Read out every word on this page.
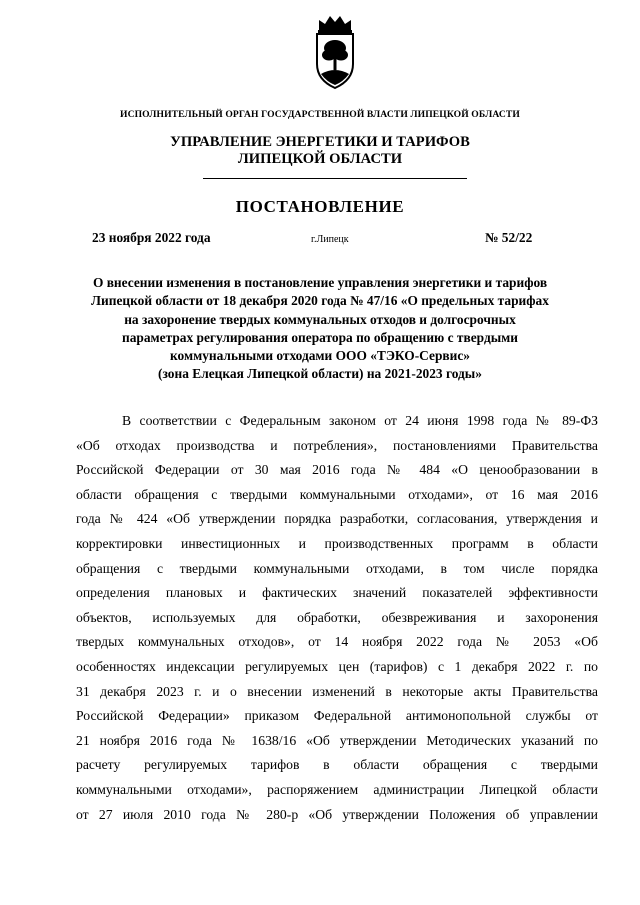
ИСПОЛНИТЕЛЬНЫЙ ОРГАН ГОСУДАРСТВЕННОЙ ВЛАСТИ ЛИПЕЦКОЙ ОБЛАСТИ
УПРАВЛЕНИЕ ЭНЕРГЕТИКИ И ТАРИФОВ
ЛИПЕЦКОЙ ОБЛАСТИ
ПОСТАНОВЛЕНИЕ
23 ноября 2022 года	г.Липецк	№ 52/22
О внесении изменения в постановление управления энергетики и тарифов
Липецкой области от 18 декабря 2020 года № 47/16 «О предельных тарифах
на захоронение твердых коммунальных отходов и долгосрочных
параметрах регулирования оператора по обращению с твердыми
коммунальными отходами ООО «ТЭКО-Сервис»
(зона Елецкая Липецкой области) на 2021-2023 годы»
В соответствии с Федеральным законом от 24 июня 1998 года № 89-ФЗ
«Об отходах производства и потребления», постановлениями Правительства
Российской Федерации от 30 мая 2016 года № 484 «О ценообразовании в
области обращения с твердыми коммунальными отходами», от 16 мая 2016
года № 424 «Об утверждении порядка разработки, согласования, утверждения и
корректировки инвестиционных и производственных программ в области
обращения с твердыми коммунальными отходами, в том числе порядка
определения плановых и фактических значений показателей эффективности
объектов, используемых для обработки, обезвреживания и захоронения
твердых коммунальных отходов», от 14 ноября 2022 года № 2053 «Об
особенностях индексации регулируемых цен (тарифов) с 1 декабря 2022 г. по
31 декабря 2023 г. и о внесении изменений в некоторые акты Правительства
Российской Федерации» приказом Федеральной антимонопольной службы от
21 ноября 2016 года № 1638/16 «Об утверждении Методических указаний по
расчету регулируемых тарифов в области обращения с твердыми
коммунальными отходами», распоряжением администрации Липецкой области
от 27 июля 2010 года № 280-р «Об утверждении Положения об управлении
